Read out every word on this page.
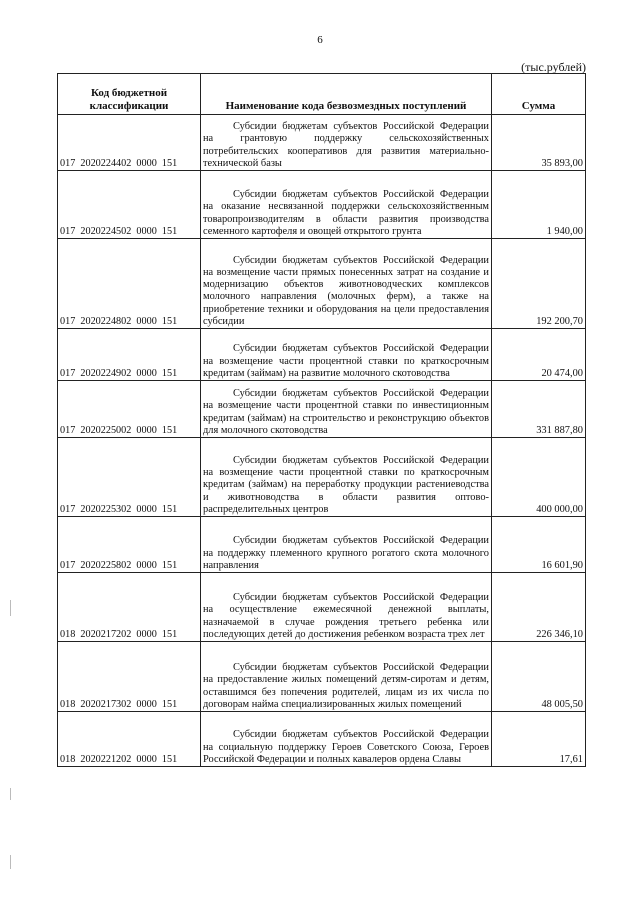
6
(тыс.рублей)
Код бюджетной классификации	Наименование кода безвозмездных поступлений	Сумма
017  2020224402  0000  151	Субсидии бюджетам субъектов Российской Федерации на грантовую поддержку сельскохозяйственных потребительских кооперативов для развития материально-технической базы	35 893,00
017  2020224502  0000  151	Субсидии бюджетам субъектов Российской Федерации на оказание несвязанной поддержки сельскохозяйственным товаропроизводителям в области развития производства семенного картофеля и овощей открытого грунта	1 940,00
017  2020224802  0000  151	Субсидии бюджетам субъектов Российской Федерации на возмещение части прямых понесенных затрат на создание и модернизацию объектов животноводческих комплексов молочного направления (молочных ферм), а также на приобретение техники и оборудования на цели предоставления субсидии	192 200,70
017  2020224902  0000  151	Субсидии бюджетам субъектов Российской Федерации на возмещение части процентной ставки по краткосрочным кредитам (займам) на развитие молочного скотоводства	20 474,00
017  2020225002  0000  151	Субсидии бюджетам субъектов Российской Федерации на возмещение части процентной ставки по инвестиционным кредитам (займам) на строительство и реконструкцию объектов для молочного скотоводства	331 887,80
017  2020225302  0000  151	Субсидии бюджетам субъектов Российской Федерации на возмещение части процентной ставки по краткосрочным кредитам (займам) на переработку продукции растениеводства и животноводства в области развития оптово-распределительных центров	400 000,00
017  2020225802  0000  151	Субсидии бюджетам субъектов Российской Федерации на поддержку племенного крупного рогатого скота молочного направления	16 601,90
018  2020217202  0000  151	Субсидии бюджетам субъектов Российской Федерации на осуществление ежемесячной денежной выплаты, назначаемой в случае рождения третьего ребенка или последующих детей до достижения ребенком возраста трех лет	226 346,10
018  2020217302  0000  151	Субсидии бюджетам субъектов Российской Федерации на предоставление жилых помещений детям-сиротам и детям, оставшимся без попечения родителей, лицам из их числа по договорам найма специализированных жилых помещений	48 005,50
018  2020221202  0000  151	Субсидии бюджетам субъектов Российской Федерации на социальную поддержку Героев Советского Союза, Героев Российской Федерации и полных кавалеров ордена Славы	17,61
